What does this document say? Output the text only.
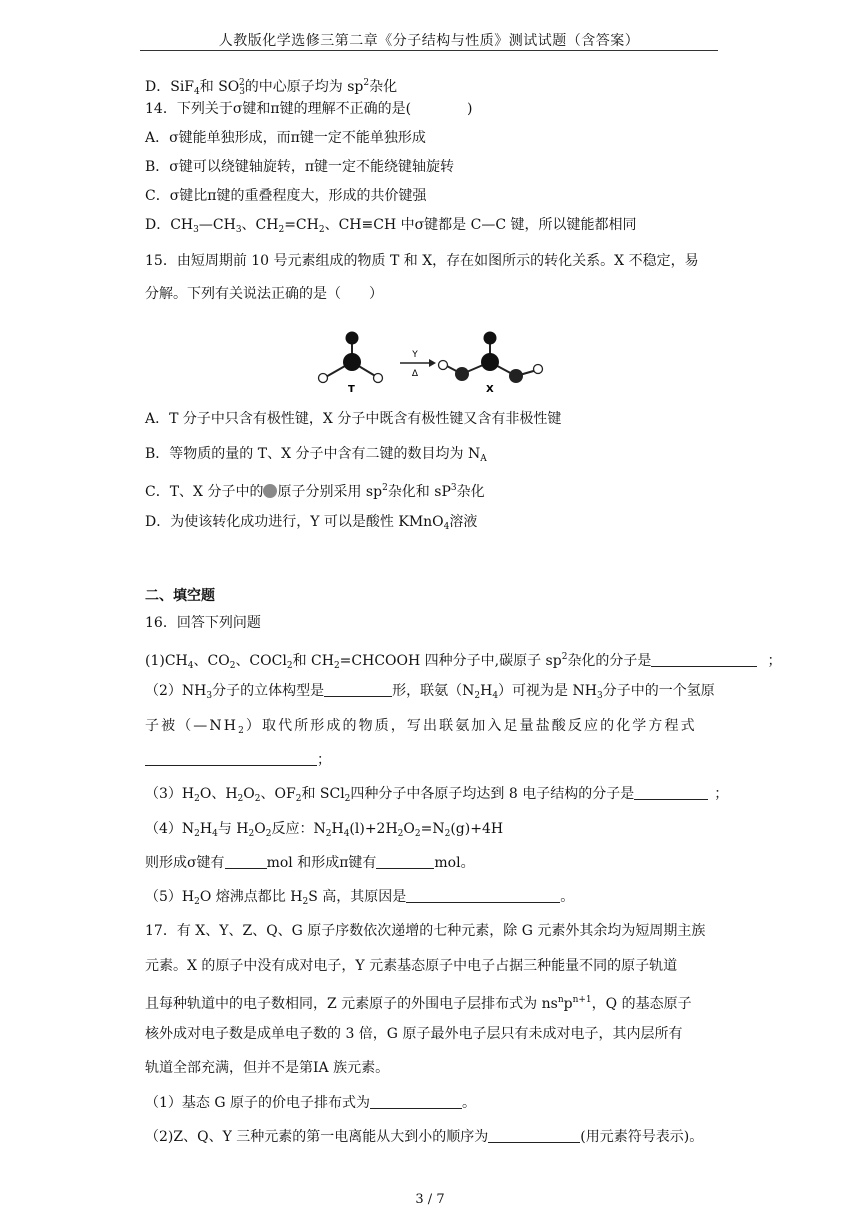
人教版化学选修三第二章《分子结构与性质》测试试题（含答案）
D．SiF$_4$和 $SO_3^2$的中心原子均为 $sp^2$杂化
14．下列关于σ键和π键的理解不正确的是(	)
A．σ键能单独形成，而π键一定不能单独形成
B．σ键可以绕键轴旋转，π键一定不能绕键轴旋转
C．σ键比π键的重叠程度大，形成的共价键强
D．$CH_3—CH_3$、$CH_2=CH_2$、CH≡CH 中σ键都是 C—C 键，所以键能都相同
15．由短周期前 10 号元素组成的物质 T 和 X，存在如图所示的转化关系。X 不稳定，易
分解。下列有关说法正确的是（　　）
A．T 分子中只含有极性键，X 分子中既含有极性键又含有非极性键
B．等物质的量的 T、X 分子中含有二键的数目均为 $N_A$
C．T、X 分子中的 原子分别采用 $sp^2$杂化和 $sP^3$杂化
D．为使该转化成功进行，Y 可以是酸性 KMnO$_4$溶液
二、填空题
16．回答下列问题
$(1)CH_4$、$CO_2$、COCl$_2$和 $CH_2=CHCOOH$ 四种分子中,碳原子 $sp^2$杂化的分子是	；
$(2)NH_3$分子的立体构型是	形，联氨$(N_2H_4)$可视为是 $NH_3$分子中的一个氢原
子被$(—NH_2)$取代所形成的物质，写出联氨加入足量盐酸反应的化学方程式
；
$(3)H_2O$、$H_2O_2$、$OF_2$和 SCl$_2$四种分子中各原子均达到 8 电子结构的分子是	；
$(4)N_2H_4$与 $H_2O_2$反应：$N_2H_4(l)+2H_2O_2=N_2(g)+4H$
则形成σ键有	mol 和形成π键有	mol。
$(5)H_2O$ 熔沸点都比 $H_2S$ 高，其原因是	。
17．有 X、Y、Z、Q、G 原子序数依次递增的七种元素，除 G 元素外其余均为短周期主族
元素。X 的原子中没有成对电子，Y 元素基态原子中电子占据三种能量不同的原子轨道
且每种轨道中的电子数相同，Z 元素原子的外围电子层排布式为 $ns^np^{n+1}$，Q 的基态原子
核外成对电子数是成单电子数的 3 倍，G 原子最外电子层只有未成对电子，其内层所有
轨道全部充满，但并不是第ⅠA 族元素。
（1）基态 G 原子的价电子排布式为	。
（2)Z、Q、Y 三种元素的第一电离能从大到小的顺序为	(用元素符号表示)。
T
Y
Δ
X
3 / 7
